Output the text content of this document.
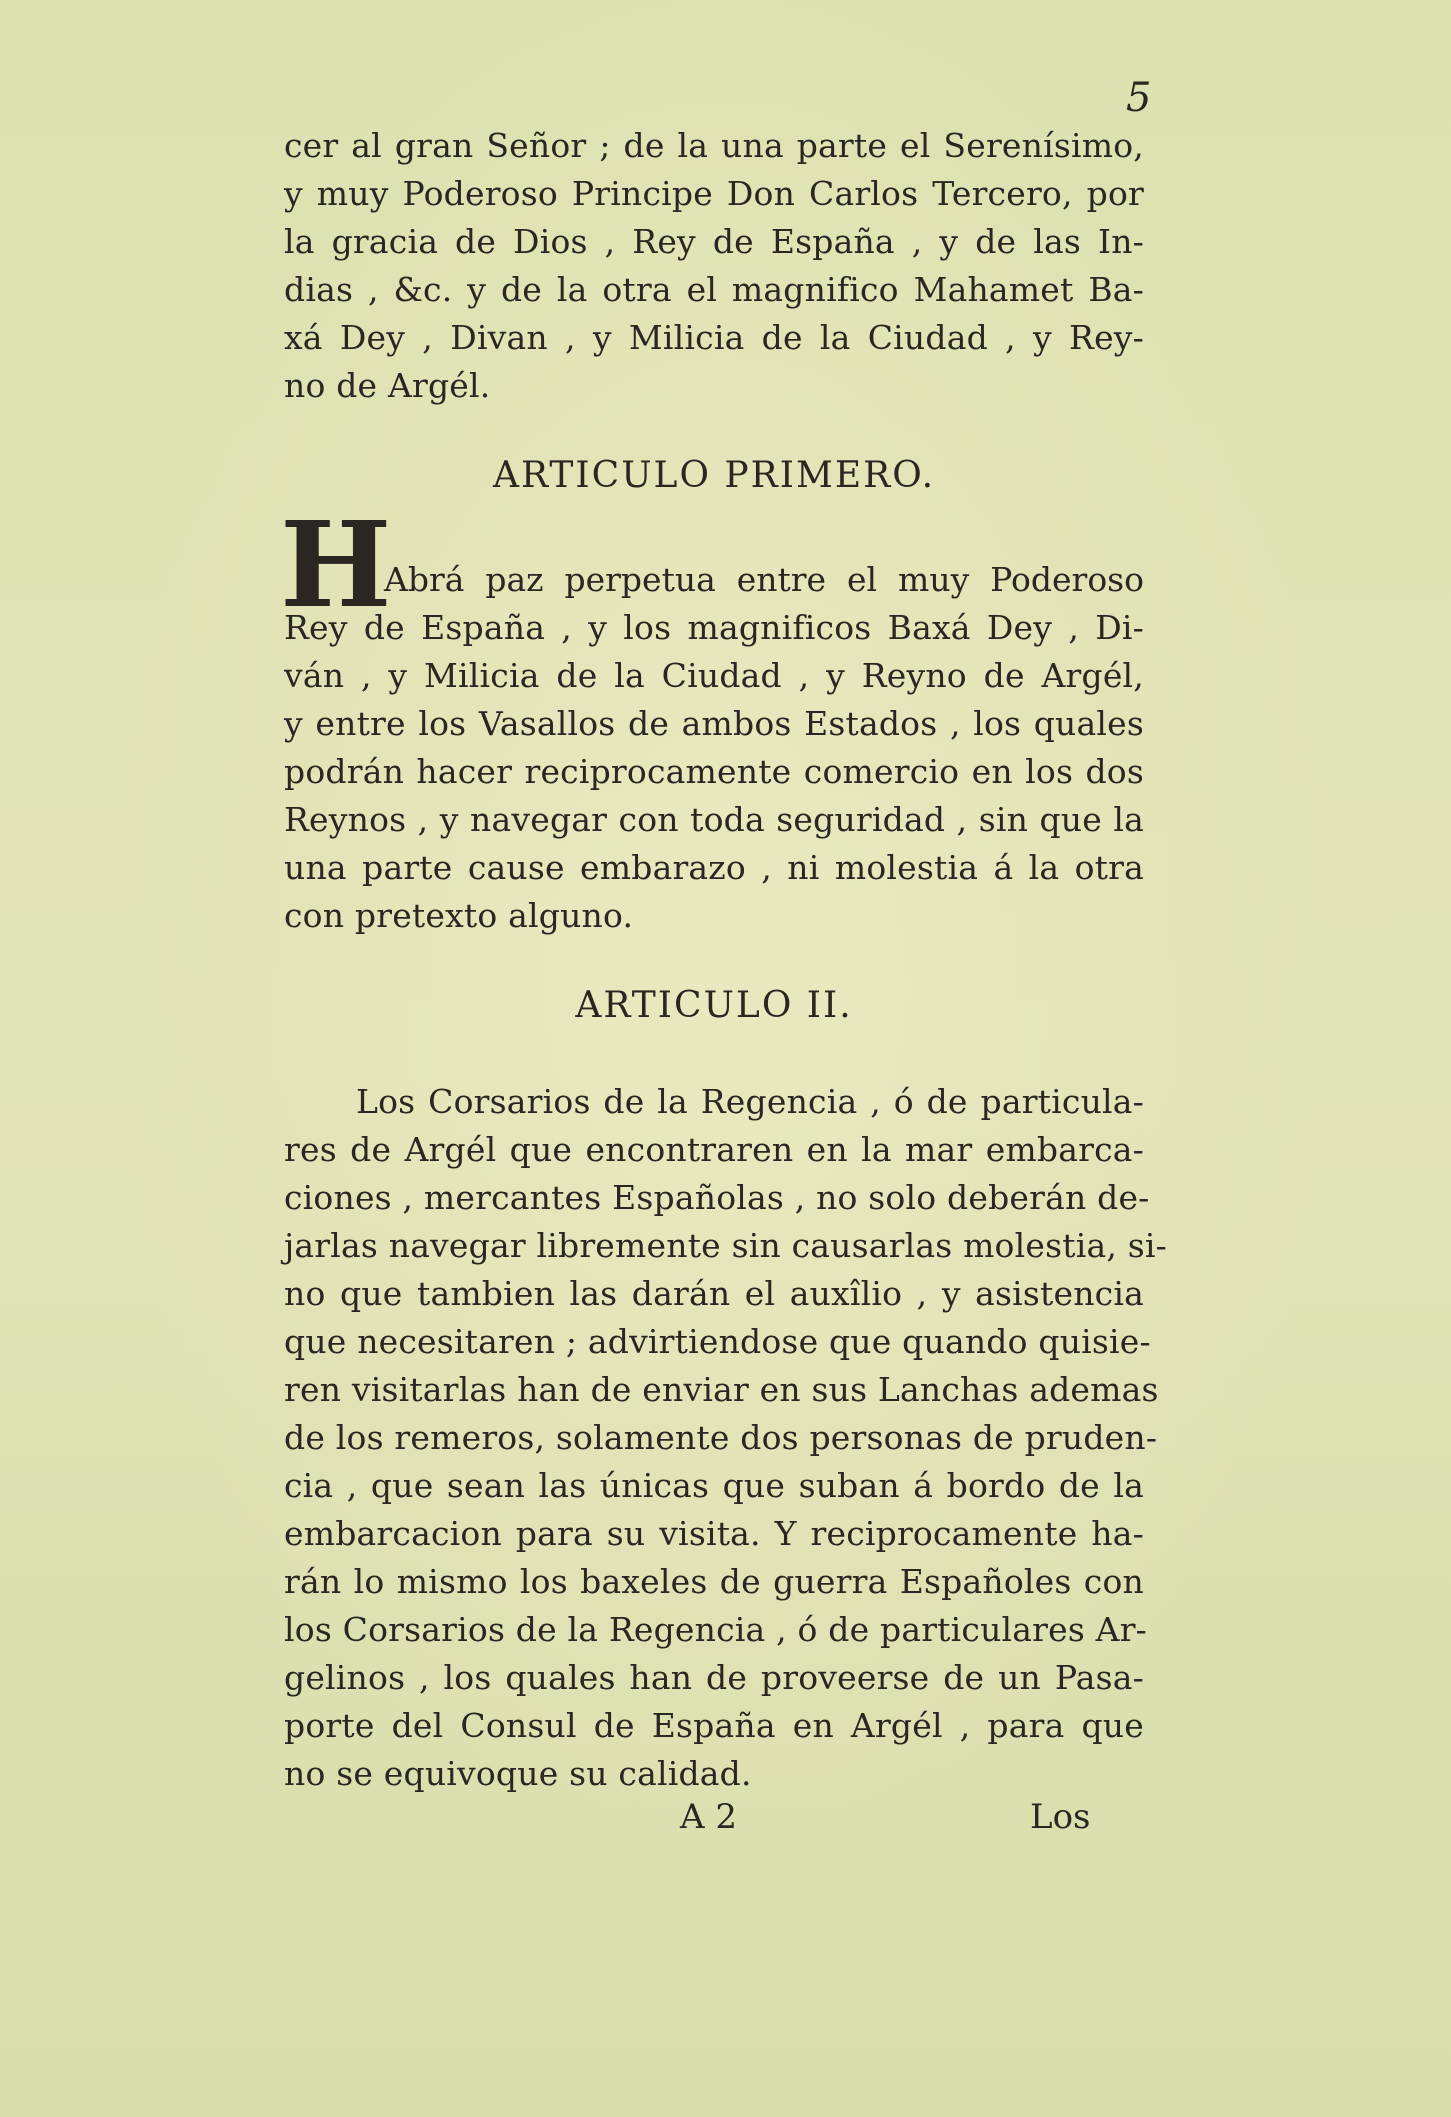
5
cer al gran Señor ; de la una parte el Serenísimo,
y muy Poderoso Principe Don Carlos Tercero, por
la gracia de Dios , Rey de España , y de las In-
dias , &c. y de la otra el magnifico Mahamet Ba-
xá Dey , Divan , y Milicia de la Ciudad , y Rey-
no de Argél.
ARTICULO PRIMERO.
H
Abrá paz perpetua entre el muy Poderoso
Rey de España , y los magnificos Baxá Dey , Di-
ván , y Milicia de la Ciudad , y Reyno de Argél,
y entre los Vasallos de ambos Estados , los quales
podrán hacer reciprocamente comercio en los dos
Reynos , y navegar con toda seguridad , sin que la
una parte cause embarazo , ni molestia á la otra
con pretexto alguno.
ARTICULO II.
Los Corsarios de la Regencia , ó de particula-
res de Argél que encontraren en la mar embarca-
ciones , mercantes Españolas , no solo deberán de-
jarlas navegar libremente sin causarlas molestia, si-
no que tambien las darán el auxîlio , y asistencia
que necesitaren ; advirtiendose que quando quisie-
ren visitarlas han de enviar en sus Lanchas ademas
de los remeros, solamente dos personas de pruden-
cia , que sean las únicas que suban á bordo de la
embarcacion para su visita. Y reciprocamente ha-
rán lo mismo los baxeles de guerra Españoles con
los Corsarios de la Regencia , ó de particulares Ar-
gelinos , los quales han de proveerse de un Pasa-
porte del Consul de España en Argél , para que
no se equivoque su calidad.
A 2	Los
